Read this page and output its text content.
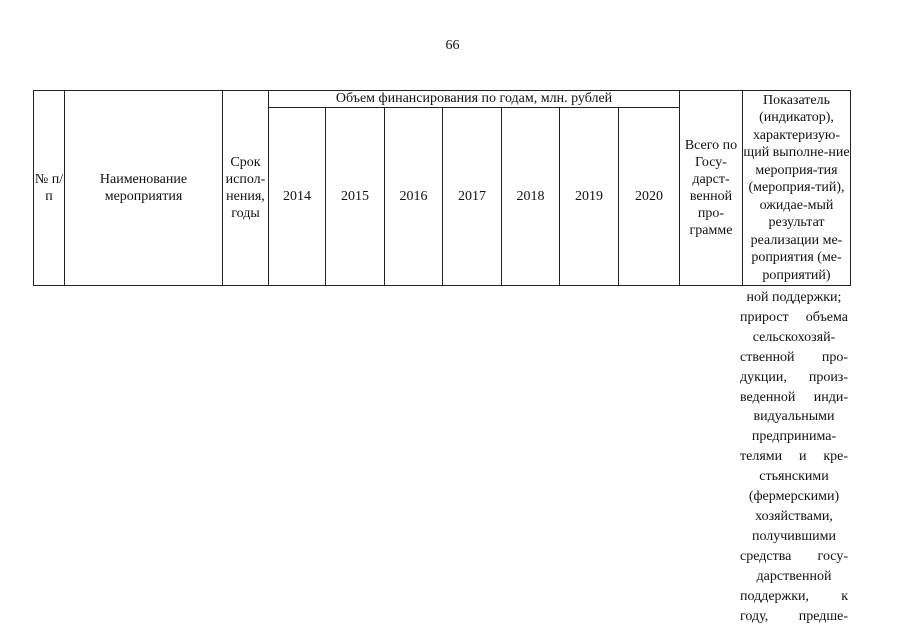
66
№ п/п	Наименование мероприятия	Срок испол-нения, годы	Объем финансирования по годам, млн. рублей							Всего по Госу-дарст-венной про-грамме	Показатель (индикатор), характеризую-щий выполне-ние мероприя-тия (мероприя-тий), ожидае-мый результат реализации ме-роприятия (ме-роприятий)
			2014	2015	2016	2017	2018	2019	2020		
ной поддержки;
прирост объема
сельскохозяй-
ственной про-
дукции, произ-
веденной инди-
видуальными
предпринима-
телями и кре-
стьянскими
(фермерскими)
хозяйствами,
получившими
средства госу-
дарственной
поддержки, к
году, предше-
